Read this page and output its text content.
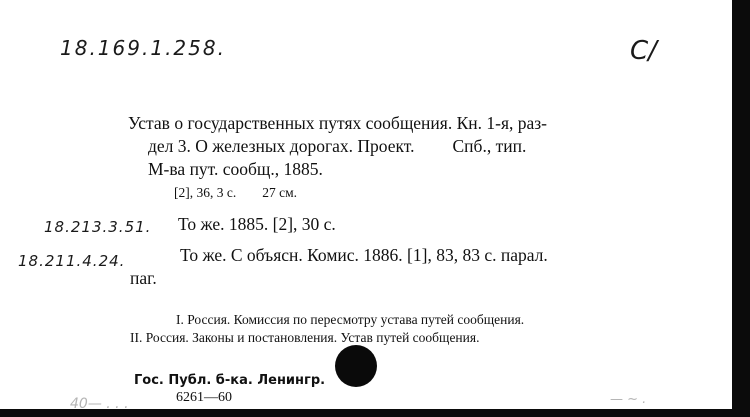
18.169.1.258.	С/
Устав о государственных путях сообщения. Кн. 1-я, раз-
дел 3. О железных дорогах. Проект. Спб., тип.
М-ва пут. сообщ., 1885.
[2], 36, 3 с. 27 см.
18.213.3.51. То же. 1885. [2], 30 с.
18.211.4.24.	То же. С объясн. Комис. 1886. [1], 83, 83 с. парал.
паг.
I. Россия. Комиссия по пересмотру устава путей сообщения.
II. Россия. Законы и постановления. Устав путей сообщения.
Гос. Публ. б-ка. Ленингр.
6261—60
40— . . .	— ~ .
